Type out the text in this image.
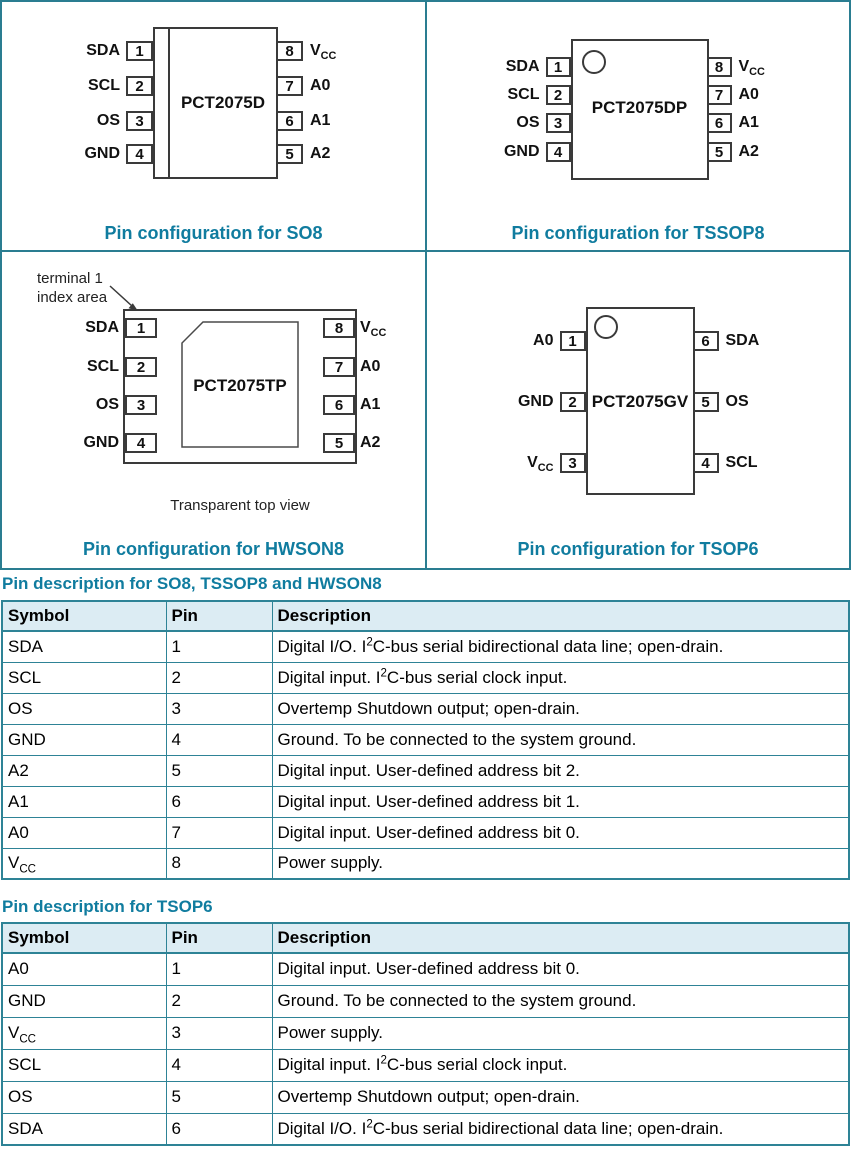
PCT2075D
SDA	1
SCL	2
OS	3
GND	4
8	$V_{CC}$
7	A0
6	A1
5	A2
Pin configuration for SO8
PCT2075DP
SDA 1
SCL 2
OS 3
GND 4
8 $V_{CC}$
7 A0
6 A1
5 A2
Pin configuration for TSSOP8
terminal 1
index area
PCT2075TP
SDA	1
SCL	2
OS	3
GND	4
8	$V_{CC}$
7	A0
6	A1
5	A2
Transparent top view
Pin configuration for HWSON8
PCT2075GV
A0 1
GND 2
$V_{CC}$ 3
6 SDA
5 OS
4 SCL
Pin configuration for TSOP6
Pin description for SO8, TSSOP8 and HWSON8
Symbol	Pin	Description
SDA	1	Digital I/O. $I^2C$-bus serial bidirectional data line; open-drain.
SCL	2	Digital input. $I^2C$-bus serial clock input.
OS	3	Overtemp Shutdown output; open-drain.
GND	4	Ground. To be connected to the system ground.
A2	5	Digital input. User-defined address bit 2.
A1	6	Digital input. User-defined address bit 1.
A0	7	Digital input. User-defined address bit 0.
$V_{CC}$	8	Power supply.
Pin description for TSOP6
Symbol	Pin	Description
A0	1	Digital input. User-defined address bit 0.
GND	2	Ground. To be connected to the system ground.
$V_{CC}$	3	Power supply.
SCL	4	Digital input. $I^2C$-bus serial clock input.
OS	5	Overtemp Shutdown output; open-drain.
SDA	6	Digital I/O. $I^2C$-bus serial bidirectional data line; open-drain.
